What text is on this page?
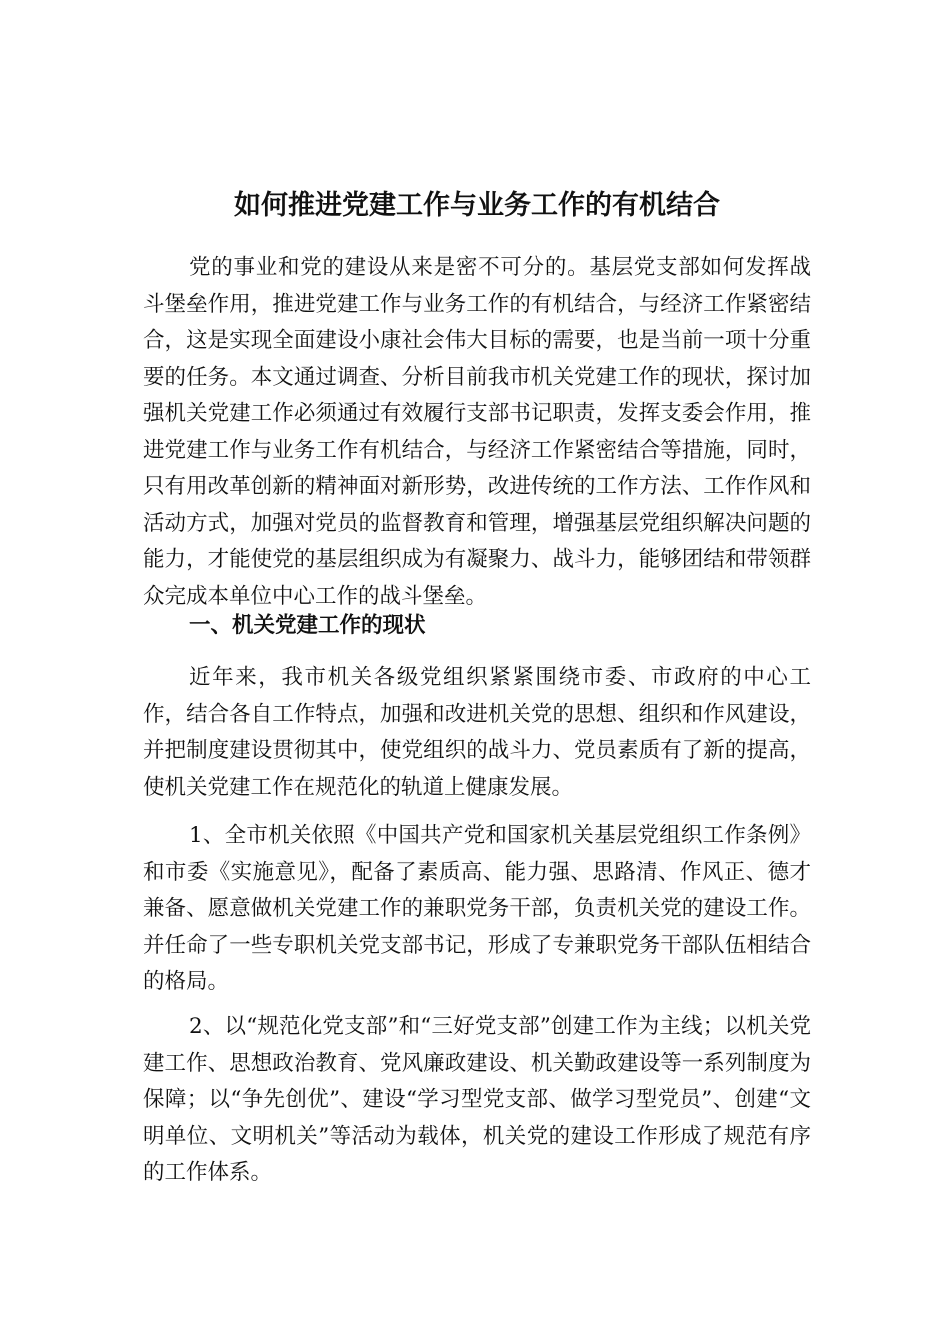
如何推进党建工作与业务工作的有机结合

党的事业和党的建设从来是密不可分的。基层党支部如何发挥战斗堡垒作用，推进党建工作与业务工作的有机结合，与经济工作紧密结合，这是实现全面建设小康社会伟大目标的需要，也是当前一项十分重要的任务。本文通过调查、分析目前我市机关党建工作的现状，探讨加强机关党建工作必须通过有效履行支部书记职责，发挥支委会作用，推进党建工作与业务工作有机结合，与经济工作紧密结合等措施，同时，只有用改革创新的精神面对新形势，改进传统的工作方法、工作作风和活动方式，加强对党员的监督教育和管理，增强基层党组织解决问题的能力，才能使党的基层组织成为有凝聚力、战斗力，能够团结和带领群众完成本单位中心工作的战斗堡垒。

一、机关党建工作的现状

近年来，我市机关各级党组织紧紧围绕市委、市政府的中心工作，结合各自工作特点，加强和改进机关党的思想、组织和作风建设，并把制度建设贯彻其中，使党组织的战斗力、党员素质有了新的提高，使机关党建工作在规范化的轨道上健康发展。

1、全市机关依照《中国共产党和国家机关基层党组织工作条例》和市委《实施意见》，配备了素质高、能力强、思路清、作风正、德才兼备、愿意做机关党建工作的兼职党务干部，负责机关党的建设工作。并任命了一些专职机关党支部书记，形成了专兼职党务干部队伍相结合的格局。

2、以“规范化党支部”和“三好党支部”创建工作为主线；以机关党建工作、思想政治教育、党风廉政建设、机关勤政建设等一系列制度为保障；以“争先创优”、建设“学习型党支部、做学习型党员”、创建“文明单位、文明机关”等活动为载体，机关党的建设工作形成了规范有序的工作体系。
